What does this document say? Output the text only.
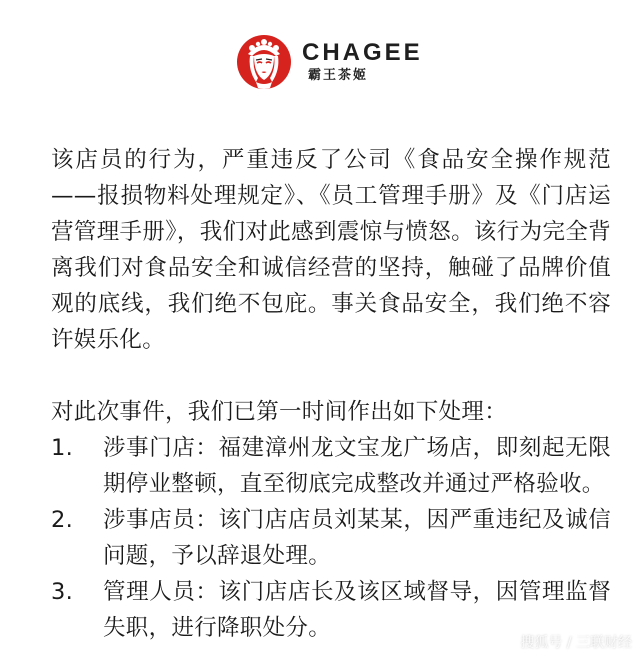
CHAGEE
霸王茶姬

该店员的行为，严重违反了公司《食品安全操作规范——报损物料处理规定》、《员工管理手册》及《门店运营管理手册》，我们对此感到震惊与愤怒。该行为完全背离我们对食品安全和诚信经营的坚持，触碰了品牌价值观的底线，我们绝不包庇。事关食品安全，我们绝不容许娱乐化。

对此次事件，我们已第一时间作出如下处理：

1.	涉事门店：福建漳州龙文宝龙广场店，即刻起无限期停业整顿，直至彻底完成整改并通过严格验收。
2.	涉事店员：该门店店员刘某某，因严重违纪及诚信问题，予以辞退处理。
3.	管理人员：该门店店长及该区域督导，因管理监督失职，进行降职处分。
搜狐号 / 三联财经
